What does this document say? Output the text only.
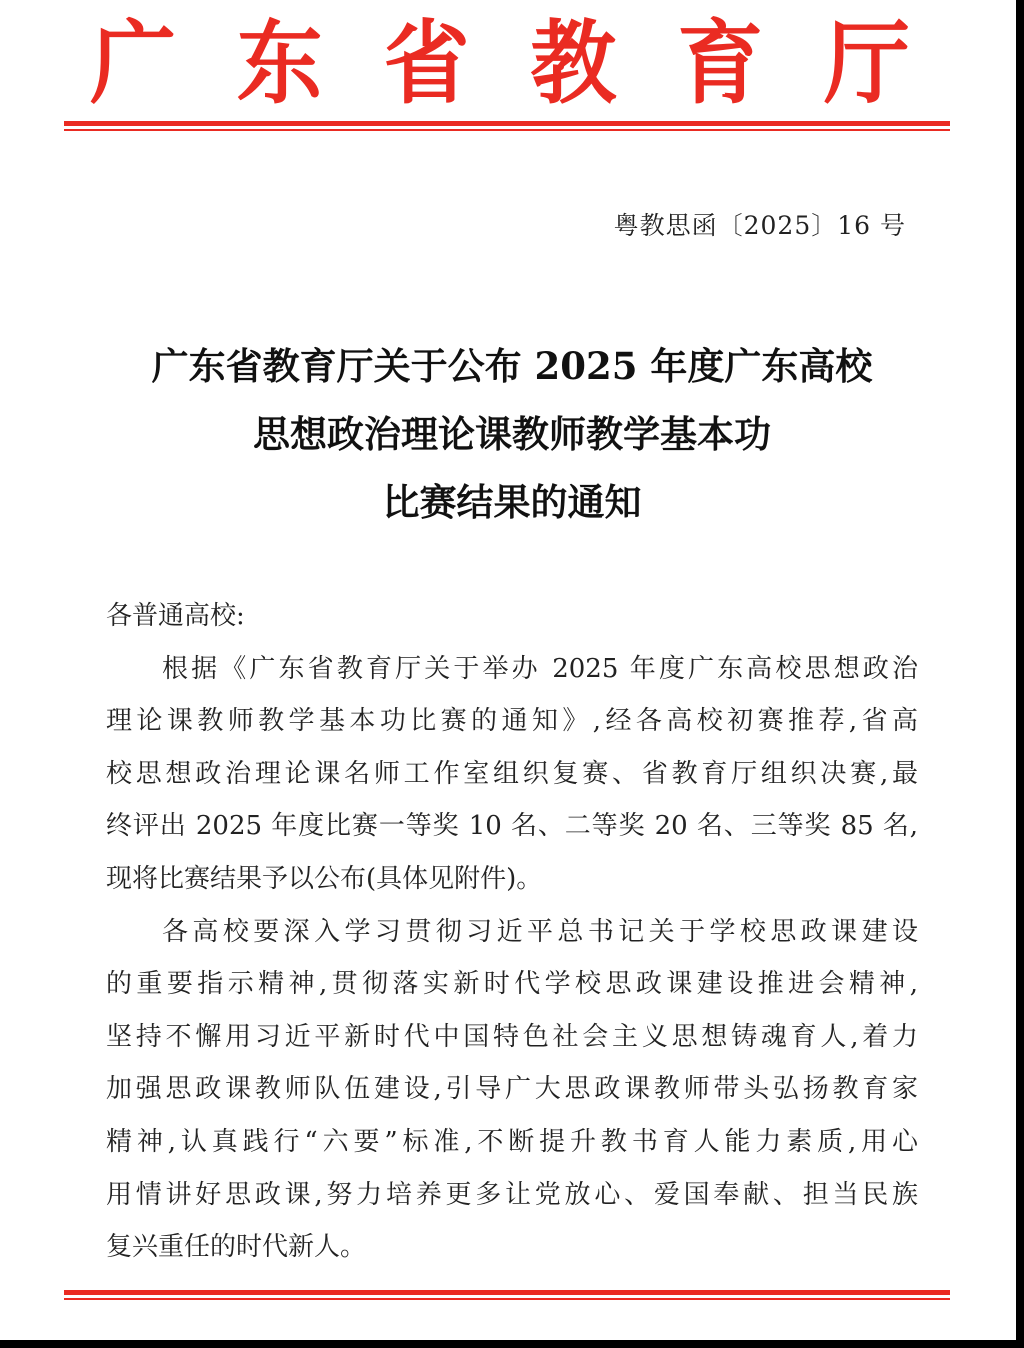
广 东 省 教 育 厅
粤教思函〔2025〕16 号
广东省教育厅关于公布 2025 年度广东高校
思想政治理论课教师教学基本功
比赛结果的通知
各普通高校:
根据《广东省教育厅关于举办 2025 年度广东高校思想政治
理论课教师教学基本功比赛的通知》,经各高校初赛推荐,省高
校思想政治理论课名师工作室组织复赛、省教育厅组织决赛,最
终评出 2025 年度比赛一等奖 10 名、二等奖 20 名、三等奖 85 名,
现将比赛结果予以公布(具体见附件)。
各高校要深入学习贯彻习近平总书记关于学校思政课建设
的重要指示精神,贯彻落实新时代学校思政课建设推进会精神,
坚持不懈用习近平新时代中国特色社会主义思想铸魂育人,着力
加强思政课教师队伍建设,引导广大思政课教师带头弘扬教育家
精神,认真践行“六要”标准,不断提升教书育人能力素质,用心
用情讲好思政课,努力培养更多让党放心、爱国奉献、担当民族
复兴重任的时代新人。
